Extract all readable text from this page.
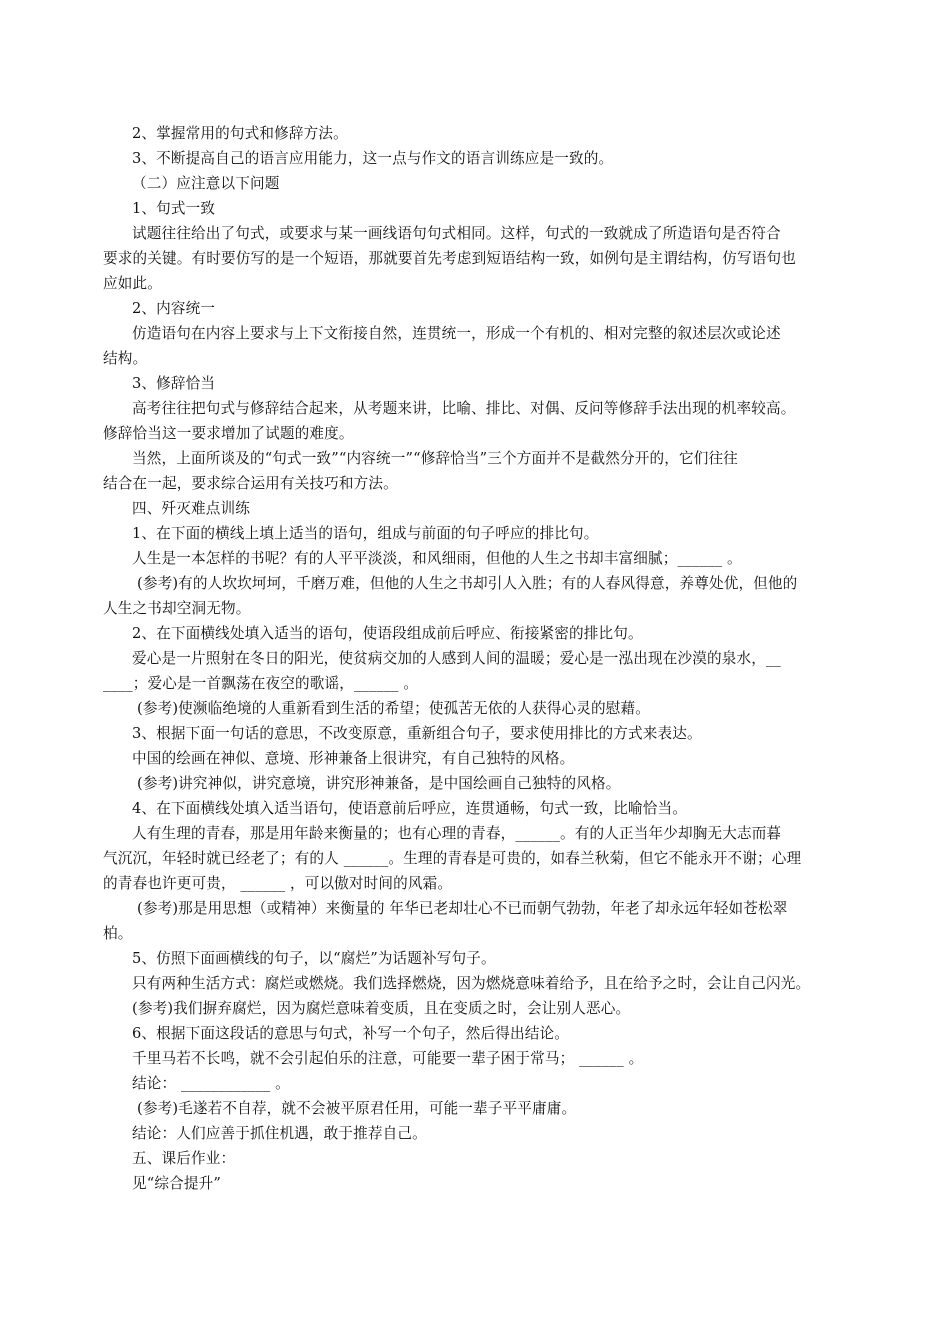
2、掌握常用的句式和修辞方法。
3、不断提高自己的语言应用能力，这一点与作文的语言训练应是一致的。
（二）应注意以下问题
1、句式一致
试题往往给出了句式，或要求与某一画线语句句式相同。这样，句式的一致就成了所造语句是否符合
要求的关键。有时要仿写的是一个短语，那就要首先考虑到短语结构一致，如例句是主谓结构，仿写语句也
应如此。
2、内容统一
仿造语句在内容上要求与上下文衔接自然，连贯统一，形成一个有机的、相对完整的叙述层次或论述
结构。
3、修辞恰当
高考往往把句式与修辞结合起来，从考题来讲，比喻、排比、对偶、反问等修辞手法出现的机率较高。
修辞恰当这一要求增加了试题的难度。
当然，上面所谈及的“句式一致”“内容统一”“修辞恰当”三个方面并不是截然分开的，它们往往
结合在一起，要求综合运用有关技巧和方法。
四、歼灭难点训练
1、在下面的横线上填上适当的语句，组成与前面的句子呼应的排比句。
人生是一本怎样的书呢？有的人平平淡淡，和风细雨，但他的人生之书却丰富细腻；______ 。
(参考)有的人坎坎坷坷，千磨万难，但他的人生之书却引人入胜；有的人春风得意，养尊处优，但他的
人生之书却空洞无物。
2、在下面横线处填入适当的语句，使语段组成前后呼应、衔接紧密的排比句。
爱心是一片照射在冬日的阳光，使贫病交加的人感到人间的温暖；爱心是一泓出现在沙漠的泉水，__
____；爱心是一首飘荡在夜空的歌谣，______ 。
(参考)使濒临绝境的人重新看到生活的希望；使孤苦无依的人获得心灵的慰藉。
3、根据下面一句话的意思，不改变原意，重新组合句子，要求使用排比的方式来表达。
中国的绘画在神似、意境、形神兼备上很讲究，有自己独特的风格。
(参考)讲究神似，讲究意境，讲究形神兼备，是中国绘画自己独特的风格。
4、在下面横线处填入适当语句，使语意前后呼应，连贯通畅，句式一致，比喻恰当。
人有生理的青春，那是用年龄来衡量的；也有心理的青春，______。有的人正当年少却胸无大志而暮
气沉沉，年轻时就已经老了；有的人 ______。生理的青春是可贵的，如春兰秋菊，但它不能永开不谢；心理
的青春也许更可贵， ______ ，可以傲对时间的风霜。
(参考)那是用思想（或精神）来衡量的 年华已老却壮心不已而朝气勃勃，年老了却永远年轻如苍松翠
柏。
5、仿照下面画横线的句子，以“腐烂”为话题补写句子。
只有两种生活方式：腐烂或燃烧。我们选择燃烧，因为燃烧意味着给予，且在给予之时，会让自己闪光。
(参考)我们摒弃腐烂，因为腐烂意味着变质，且在变质之时，会让别人恶心。
6、根据下面这段话的意思与句式，补写一个句子，然后得出结论。
千里马若不长鸣，就不会引起伯乐的注意，可能要一辈子困于常马； ______ 。
结论： ____________ 。
(参考)毛遂若不自荐，就不会被平原君任用，可能一辈子平平庸庸。
结论：人们应善于抓住机遇，敢于推荐自己。
五、课后作业：
见“综合提升”
